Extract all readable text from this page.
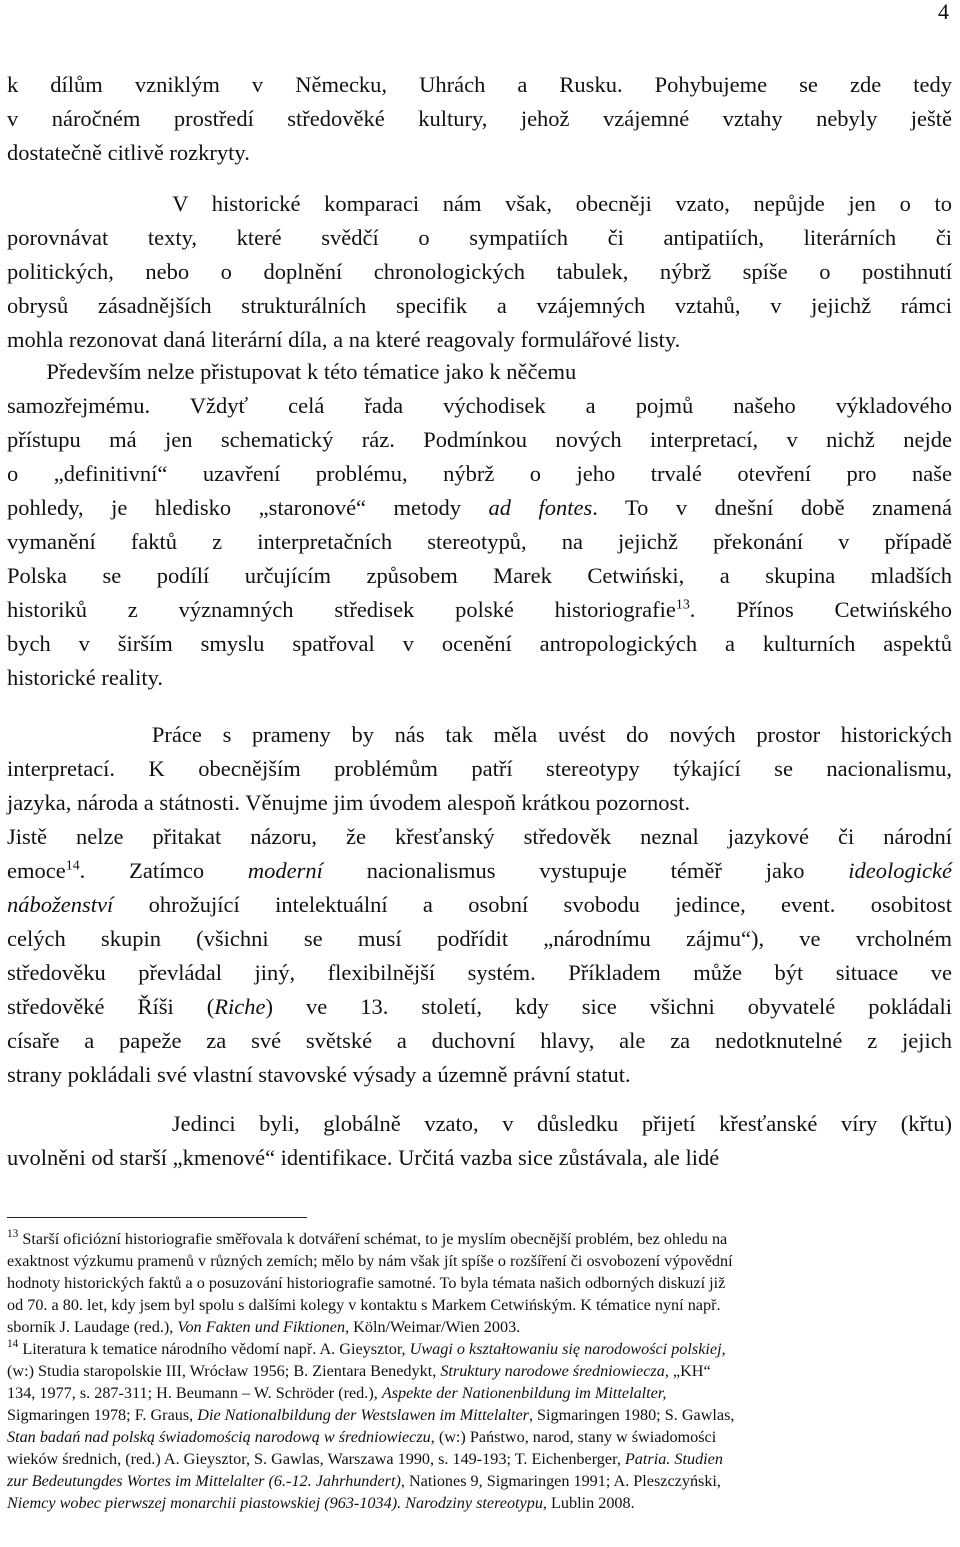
4

k dílům vzniklým v Německu, Uhrách a Rusku. Pohybujeme se zde tedy

v náročném prostředí středověké kultury, jehož vzájemné vztahy nebyly ještě

dostatečně citlivě rozkryty.

V historické komparaci nám však, obecněji vzato, nepůjde jen o to

porovnávat texty, které svědčí o sympatiích či antipatiích, literárních či

politických, nebo o doplnění chronologických tabulek, nýbrž spíše o postihnutí

obrysů zásadnějších strukturálních specifik a vzájemných vztahů, v jejichž rámci

mohla rezonovat daná literární díla, a na které reagovaly formulářové listy.

Především nelze přistupovat k této tématice jako k něčemu

samozřejmému. Vždyť celá řada východisek a pojmů našeho výkladového

přístupu má jen schematický ráz. Podmínkou nových interpretací, v nichž nejde

o „definitivní“ uzavření problému, nýbrž o jeho trvalé otevření pro naše

pohledy, je hledisko „staronové“ metody ad fontes. To v dnešní době znamená

vymanění faktů z interpretačních stereotypů, na jejichž překonání v případě

Polska se podílí určujícím způsobem Marek Cetwiński, a skupina mladších

historiků z významných středisek polské historiografie$^{13}$. Přínos Cetwińského

bych v širším smyslu spatřoval v ocenění antropologických a kulturních aspektů

historické reality.

Práce s prameny by nás tak měla uvést do nových prostor historických

interpretací. K obecnějším problémům patří stereotypy týkající se nacionalismu,

jazyka, národa a státnosti. Věnujme jim úvodem alespoň krátkou pozornost.

Jistě nelze přitakat názoru, že křesťanský středověk neznal jazykové či národní

emoce$^{14}$. Zatímco moderní nacionalismus vystupuje téměř jako ideologické

náboženství ohrožující intelektuální a osobní svobodu jedince, event. osobitost

celých skupin (všichni se musí podřídit „národnímu zájmu“), ve vrcholném

středověku převládal jiný, flexibilnější systém. Příkladem může být situace ve

středověké Říši (Riche) ve 13. století, kdy sice všichni obyvatelé pokládali

císaře a papeže za své světské a duchovní hlavy, ale za nedotknutelné z jejich

strany pokládali své vlastní stavovské výsady a územně právní statut.

Jedinci byli, globálně vzato, v důsledku přijetí křesťanské víry (křtu)

uvolněni od starší „kmenové“ identifikace. Určitá vazba sice zůstávala, ale lidé

$^{13}$ Starší oficiózní historiografie směřovala k dotváření schémat, to je myslím obecnější problém, bez ohledu na

exaktnost výzkumu pramenů v různých zemích; mělo by nám však jít spíše o rozšíření či osvobození výpovědní

hodnoty historických faktů a o posuzování historiografie samotné. To byla témata našich odborných diskuzí již

od 70. a 80. let, kdy jsem byl spolu s dalšími kolegy v kontaktu s Markem Cetwińským. K tématice nyní např.

sborník J. Laudage (red.), Von Fakten und Fiktionen, Köln/Weimar/Wien 2003.

$^{14}$ Literatura k tematice národního vědomí např. A. Gieysztor, Uwagi o kształtowaniu się narodowości polskiej,

(w:) Studia staropolskie III, Wrócław 1956; B. Zientara Benedykt, Struktury narodowe średniowiecza, „KH“

134, 1977, s. 287-311; H. Beumann – W. Schröder (red.), Aspekte der Nationenbildung im Mittelalter,

Sigmaringen 1978; F. Graus, Die Nationalbildung der Westslawen im Mittelalter, Sigmaringen 1980; S. Gawlas,

Stan badań nad polską świadomością narodową w średniowieczu, (w:) Państwo, narod, stany w świadomości

wieków średnich, (red.) A. Gieysztor, S. Gawlas, Warszawa 1990, s. 149-193; T. Eichenberger, Patria. Studien

zur Bedeutungdes Wortes im Mittelalter (6.-12. Jahrhundert), Nationes 9, Sigmaringen 1991; A. Pleszczyński,

Niemcy wobec pierwszej monarchii piastowskiej (963-1034). Narodziny stereotypu, Lublin 2008.
